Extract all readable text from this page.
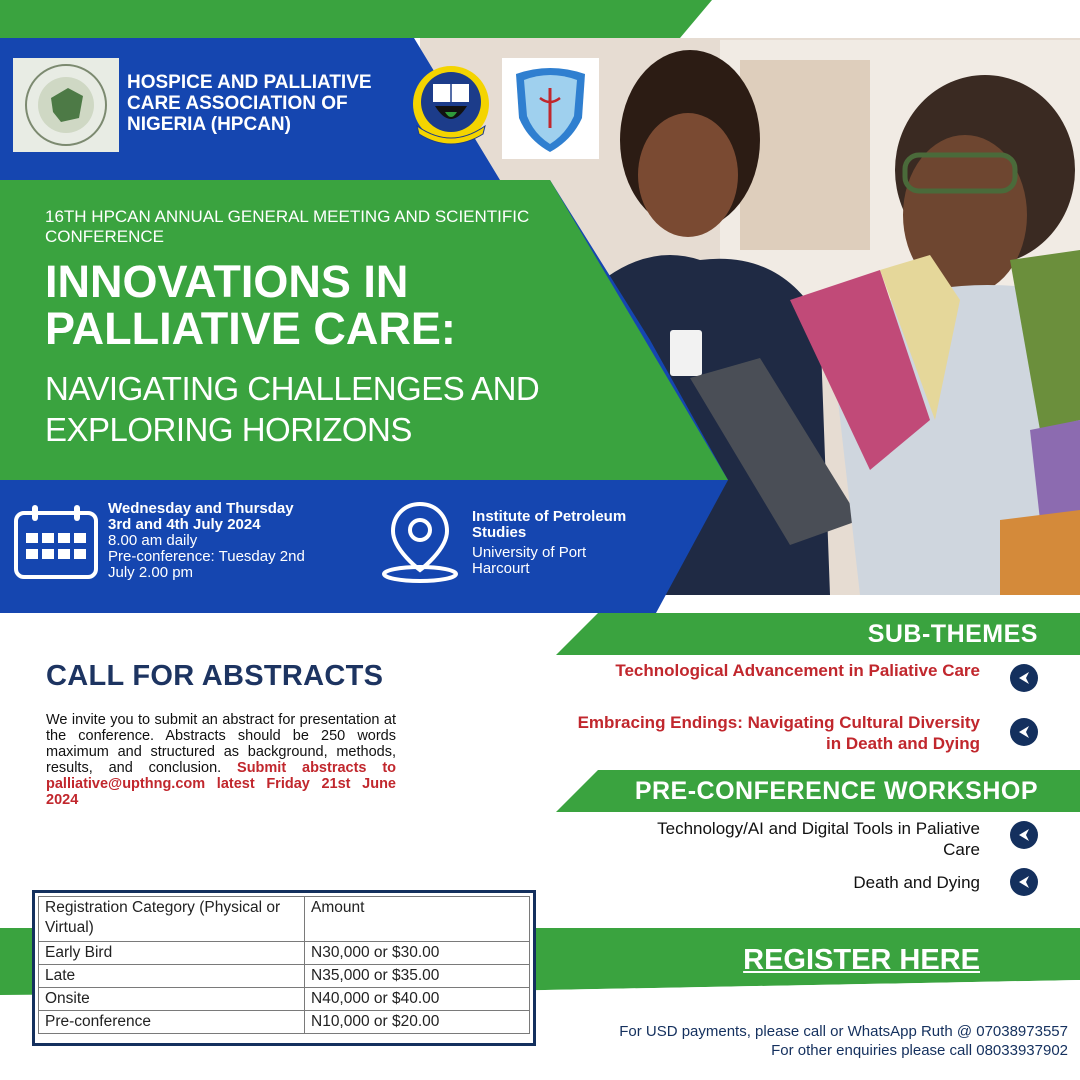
HOSPICE AND PALLIATIVE CARE ASSOCIATION OF NIGERIA (HPCAN)
16TH HPCAN ANNUAL GENERAL MEETING AND SCIENTIFIC CONFERENCE
INNOVATIONS IN PALLIATIVE CARE:
NAVIGATING CHALLENGES AND EXPLORING HORIZONS
Wednesday and Thursday
3rd and 4th July 2024
8.00 am daily
Pre-conference: Tuesday 2nd July 2.00 pm
Institute of Petroleum Studies
University of Port Harcourt
SUB-THEMES
Technological Advancement in Paliative Care
Embracing Endings: Navigating Cultural Diversity in Death and Dying
PRE-CONFERENCE WORKSHOP
Technology/AI and Digital Tools in Paliative Care
Death and Dying
CALL FOR ABSTRACTS
We invite you to submit an abstract for presentation at the conference. Abstracts should be 250 words maximum and structured as background, methods, results, and conclusion. Submit abstracts to palliative@upthng.com latest Friday 21st June 2024
Registration Category (Physical or Virtual)	Amount
Early Bird	N30,000 or $30.00
Late	N35,000 or $35.00
Onsite	N40,000 or $40.00
Pre-conference	N10,000 or $20.00
REGISTER HERE
For USD payments, please call or WhatsApp Ruth @ 07038973557
For other enquiries please call 08033937902
